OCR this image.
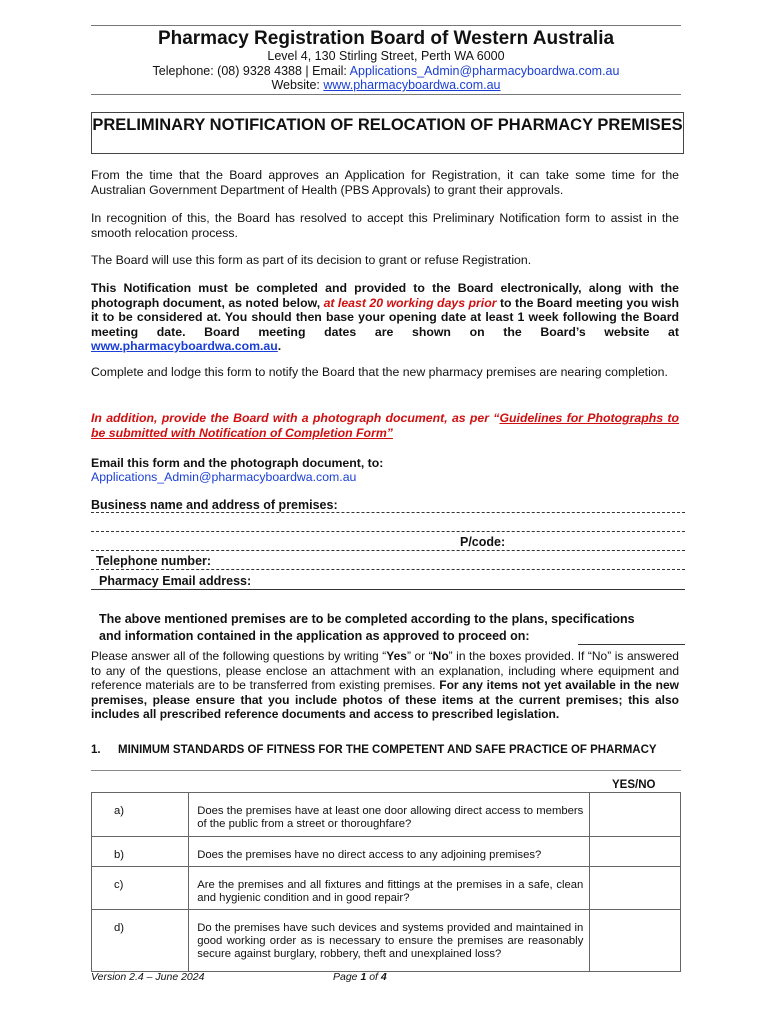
Pharmacy Registration Board of Western Australia
Level 4, 130 Stirling Street, Perth WA 6000
Telephone: (08) 9328 4388 | Email: Applications_Admin@pharmacyboardwa.com.au
Website: www.pharmacyboardwa.com.au
PRELIMINARY NOTIFICATION OF RELOCATION OF PHARMACY PREMISES
From the time that the Board approves an Application for Registration, it can take some time for the Australian Government Department of Health (PBS Approvals) to grant their approvals.
In recognition of this, the Board has resolved to accept this Preliminary Notification form to assist in the smooth relocation process.
The Board will use this form as part of its decision to grant or refuse Registration.
This Notification must be completed and provided to the Board electronically, along with the photograph document, as noted below, at least 20 working days prior to the Board meeting you wish it to be considered at. You should then base your opening date at least 1 week following the Board meeting date. Board meeting dates are shown on the Board’s website at www.pharmacyboardwa.com.au.
Complete and lodge this form to notify the Board that the new pharmacy premises are nearing completion.
In addition, provide the Board with a photograph document, as per “Guidelines for Photographs to be submitted with Notification of Completion Form”
Email this form and the photograph document, to:
Applications_Admin@pharmacyboardwa.com.au
Business name and address of premises:
P/code:
Telephone number:
Pharmacy Email address:
The above mentioned premises are to be completed according to the plans, specifications
and information contained in the application as approved to proceed on:
Please answer all of the following questions by writing “Yes” or “No” in the boxes provided. If “No” is answered to any of the questions, please enclose an attachment with an explanation, including where equipment and reference materials are to be transferred from existing premises. For any items not yet available in the new premises, please ensure that you include photos of these items at the current premises; this also includes all prescribed reference documents and access to prescribed legislation.
1. MINIMUM STANDARDS OF FITNESS FOR THE COMPETENT AND SAFE PRACTICE OF PHARMACY
YES/NO
a)	Does the premises have at least one door allowing direct access to members of the public from a street or thoroughfare?	
b)	Does the premises have no direct access to any adjoining premises?	
c)	Are the premises and all fixtures and fittings at the premises in a safe, clean and hygienic condition and in good repair?	
d)	Do the premises have such devices and systems provided and maintained in good working order as is necessary to ensure the premises are reasonably secure against burglary, robbery, theft and unexplained loss?	
Version 2.4 – June 2024	Page 1 of 4
